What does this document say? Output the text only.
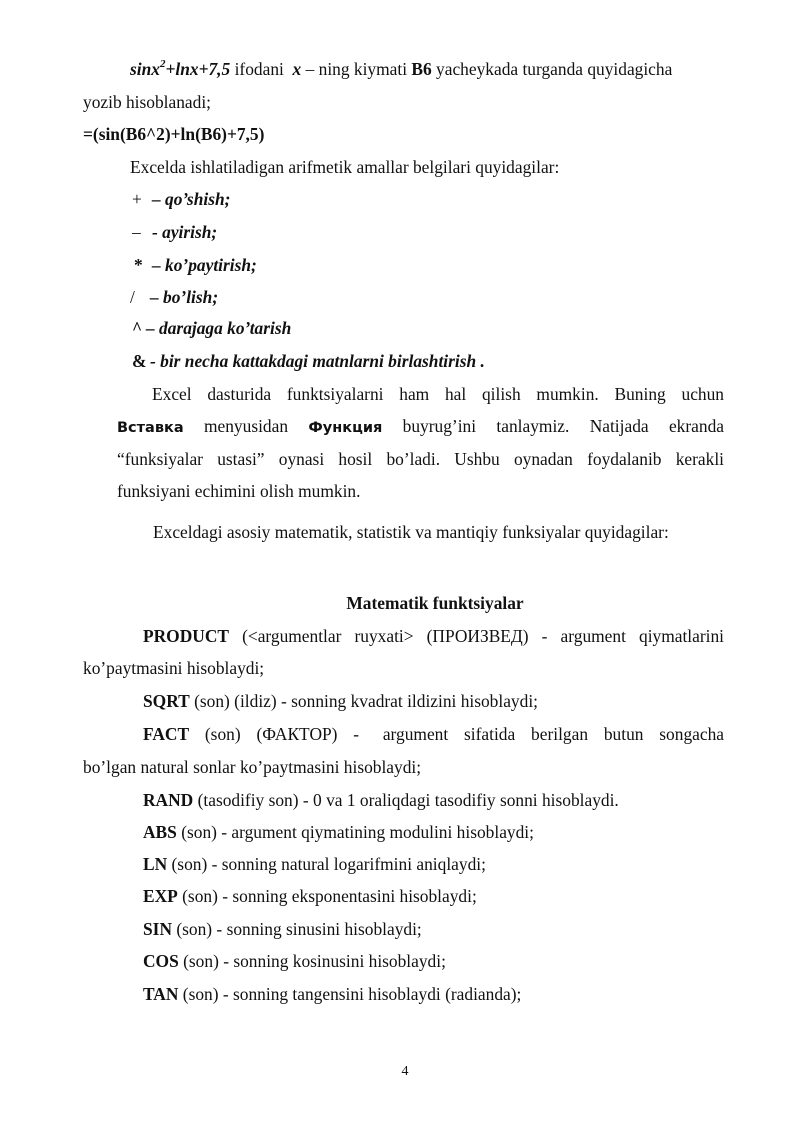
sinx$^2$+lnx+7,5 ifodani  x – ning kiymati B6 yacheykada turganda quyidagicha
yozib hisoblanadi;
=(sin(B6^2)+ln(B6)+7,5)
Excelda ishlatiladigan arifmetik amallar belgilari quyidagilar:
+ – qo’shish;
– - ayirish;
* – ko’paytirish;
/ – bo’lish;
^ – darajaga ko’tarish
& - bir necha kattakdagi matnlarni birlashtirish .
Excel dasturida funktsiyalarni ham hal qilish mumkin. Buning uchun
Вставка menyusidan Функция buyrug’ini tanlaymiz. Natijada ekranda
“funksiyalar ustasi” oynasi hosil bo’ladi. Ushbu oynadan foydalanib kerakli
funksiyani echimini olish mumkin.
Exceldagi asosiy matematik, statistik va mantiqiy funksiyalar quyidagilar:
Matematik funktsiyalar
PRODUCT (<argumentlar ruyxati> (ПРОИЗВЕД) - argument qiymatlarini
ko’paytmasini hisoblaydi;
SQRT (son) (ildiz) - sonning kvadrat ildizini hisoblaydi;
FACT  (son)  (ФАКТОР)  -   argument  sifatida  berilgan  butun  songacha
bo’lgan natural sonlar ko’paytmasini hisoblaydi;
RAND (tasodifiy son) - 0 va 1 oraliqdagi tasodifiy sonni hisoblaydi.
ABS (son) - argument qiymatining modulini hisoblaydi;
LN (son) - sonning natural logarifmini aniqlaydi;
EXP (son) - sonning eksponentasini hisoblaydi;
SIN (son) - sonning sinusini hisoblaydi;
COS (son) - sonning kosinusini hisoblaydi;
TAN (son) - sonning tangensini hisoblaydi (radianda);
4
